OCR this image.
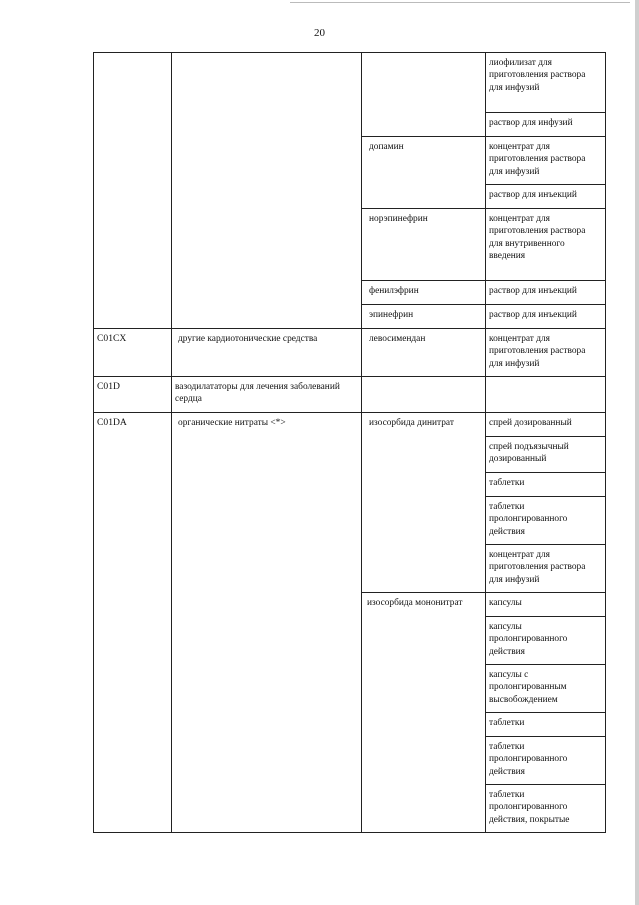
20
			лиофилизат для приготовления раствора для инфузий
			раствор для инфузий
		допамин	концентрат для приготовления раствора для инфузий
			раствор для инъекций
		норэпинефрин	концентрат для приготовления раствора для внутривенного введения
		фенилэфрин	раствор для инъекций
		эпинефрин	раствор для инъекций
C01CX	другие кардиотонические средства	левосимендан	концентрат для приготовления раствора для инфузий
C01D	вазодилататоры для лечения заболеваний сердца		
C01DA	органические нитраты <*>	изосорбида динитрат	спрей дозированный
			спрей подъязычный дозированный
			таблетки
			таблетки пролонгированного действия
			концентрат для приготовления раствора для инфузий
		изосорбида мононитрат	капсулы
			капсулы пролонгированного действия
			капсулы с пролонгированным высвобождением
			таблетки
			таблетки пролонгированного действия
			таблетки пролонгированного действия, покрытые
